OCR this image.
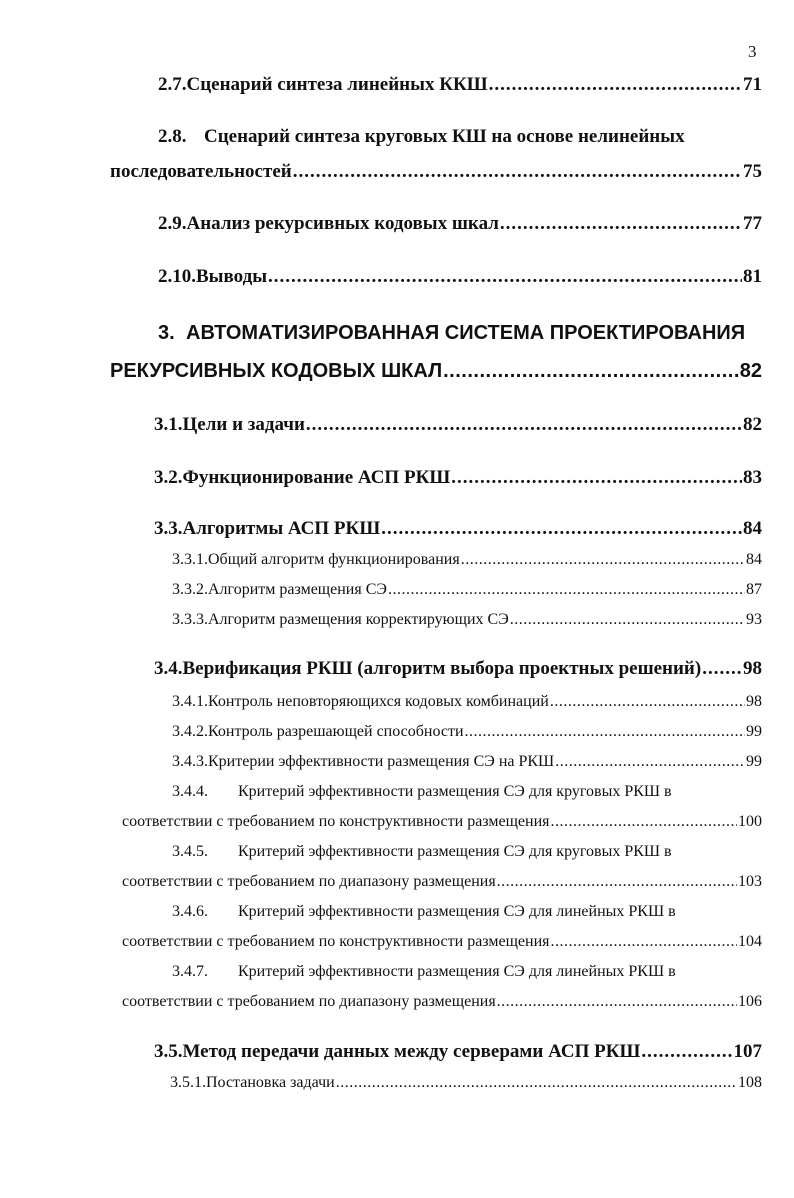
3
2.7. Сценарий синтеза линейных ККШ .....	71
2.8. Сценарий синтеза круговых КШ на основе нелинейных
последовательностей .....	75
2.9. Анализ рекурсивных кодовых шкал .....	77
2.10. Выводы .....	81
3. АВТОМАТИЗИРОВАННАЯ СИСТЕМА ПРОЕКТИРОВАНИЯ
РЕКУРСИВНЫХ КОДОВЫХ ШКАЛ .....	82
3.1. Цели и задачи .....	82
3.2. Функционирование АСП РКШ .....	83
3.3. Алгоритмы АСП РКШ .....	84
3.3.1. Общий алгоритм функционирования .....	84
3.3.2. Алгоритм размещения СЭ .....	87
3.3.3. Алгоритм размещения корректирующих СЭ .....	93
3.4. Верификация РКШ (алгоритм выбора проектных решений) ..... 98
3.4.1. Контроль неповторяющихся кодовых комбинаций .....	98
3.4.2. Контроль разрешающей способности .....	99
3.4.3. Критерии эффективности размещения СЭ на РКШ .....	99
3.4.4. Критерий эффективности размещения СЭ для круговых РКШ в
соответствии с требованием по конструктивности размещения .....	100
3.4.5. Критерий эффективности размещения СЭ для круговых РКШ в
соответствии с требованием по диапазону размещения .....	103
3.4.6. Критерий эффективности размещения СЭ для линейных РКШ в
соответствии с требованием по конструктивности размещения .....	104
3.4.7. Критерий эффективности размещения СЭ для линейных РКШ в
соответствии с требованием по диапазону размещения .....	106
3.5. Метод передачи данных между серверами АСП РКШ .....	107
3.5.1. Постановка задачи .....	108
